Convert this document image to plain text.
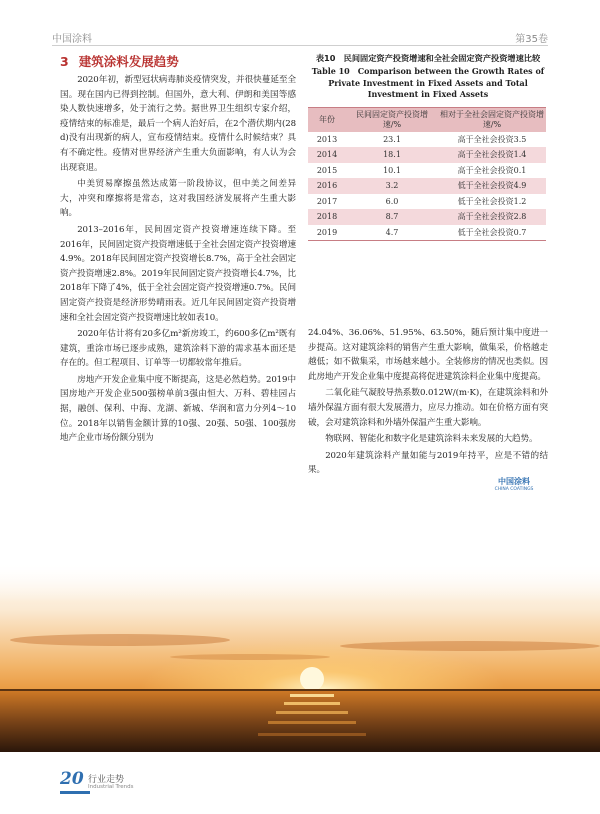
中国涂料	第35卷
3 建筑涂料发展趋势

2020年初，新型冠状病毒肺炎疫情突发，并很快蔓延至全国。现在国内已得到控制。但国外，意大利、伊朗和美国等感染人数快速增多，处于流行之势。据世界卫生组织专家介绍，疫情结束的标准是，最后一个病人治好后，在2个潜伏期内(28 d)没有出现新的病人，宣布疫情结束。疫情什么时候结束？具有不确定性。疫情对世界经济产生重大负面影响，有人认为会出现衰退。

中美贸易摩擦虽然达成第一阶段协议，但中美之间差异大，冲突和摩擦将是常态，这对我国经济发展将产生重大影响。

2013–2016年，民间固定资产投资增速连续下降。至2016年，民间固定资产投资增速低于全社会固定资产投资增速4.9%。2018年民间固定资产投资增长8.7%，高于全社会固定资产投资增速2.8%。2019年民间固定资产投资增长4.7%，比2018年下降了4%，低于全社会固定资产投资增速0.7%。民间固定资产投资是经济形势晴雨表。近几年民间固定资产投资增速和全社会固定资产投资增速比较如表10。

2020年估计将有20多亿m²新房竣工，约600多亿m²既有建筑，重涂市场已逐步成熟，建筑涂料下游的需求基本面还是存在的。但工程项目、订单等一切都较常年推后。

房地产开发企业集中度不断提高，这是必然趋势。2019中国房地产开发企业500强榜单前3强由恒大、万科、碧桂园占据，融创、保利、中海、龙湖、新城、华润和富力分列4～10位。2018年以销售金额计算的10强、20强、50强、100强房地产企业市场份额分别为

表10　民间固定资产投资增速和全社会固定资产投资增速比较
Table 10　Comparison between the Growth Rates of Private Investment in Fixed Assets and Total Investment in Fixed Assets
年份	民间固定资产投资增速/%	相对于全社会固定资产投资增速/%
2013	23.1	高于全社会投资3.5
2014	18.1	高于全社会投资1.4
2015	10.1	高于全社会投资0.1
2016	3.2	低于全社会投资4.9
2017	6.0	低于全社会投资1.2
2018	8.7	高于全社会投资2.8
2019	4.7	低于全社会投资0.7

24.04%、36.06%、51.95%、63.50%，随后预计集中度进一步提高。这对建筑涂料的销售产生重大影响，做集采，价格越走越低；如不做集采，市场越来越小。全装修房的情况也类似。因此房地产开发企业集中度提高将促进建筑涂料企业集中度提高。

二氧化硅气凝胶导热系数0.012W/(m·K)，在建筑涂料和外墙外保温方面有很大发展潜力，应尽力推动。如在价格方面有突破，会对建筑涂料和外墙外保温产生重大影响。

物联网、智能化和数字化是建筑涂料未来发展的大趋势。

2020年建筑涂料产量如能与2019年持平，应是不错的结果。

中国涂料
CHINA COATINGS
20 行业走势
Industrial Trends
